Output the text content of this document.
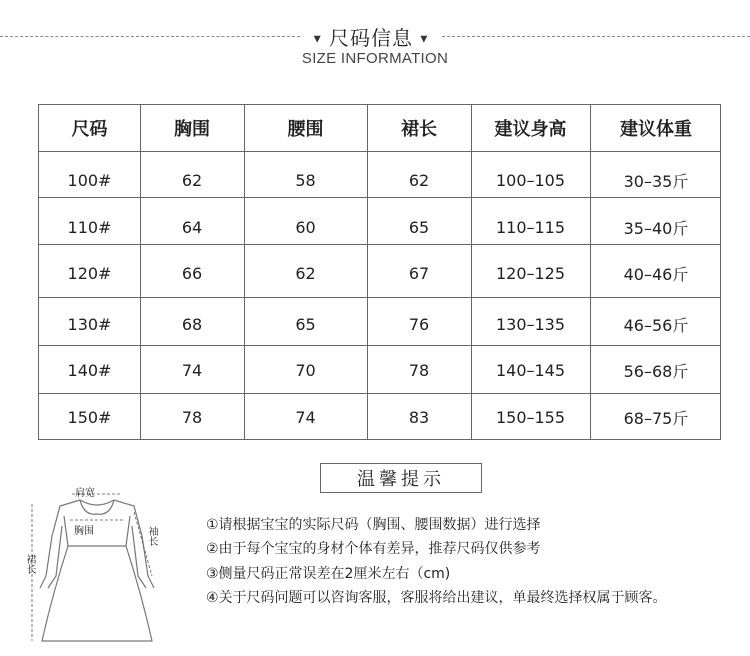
▼ 尺码信息 ▼
SIZE INFORMATION
尺码	胸围	腰围	裙长	建议身高	建议体重
100#	62	58	62	100–105	30–35斤
110#	64	60	65	110–115	35–40斤
120#	66	62	67	120–125	40–46斤
130#	68	65	76	130–135	46–56斤
140#	74	70	78	140–145	56–68斤
150#	78	74	83	150–155	68–75斤
温馨提示
①请根据宝宝的实际尺码（胸围、腰围数据）进行选择
②由于每个宝宝的身材个体有差异，推荐尺码仅供参考
③侧量尺码正常误差在2厘米左右（cm)
④关于尺码问题可以咨询客服，客服将给出建议，单最终选择权属于顾客。
肩宽
胸围	袖长
裙长
